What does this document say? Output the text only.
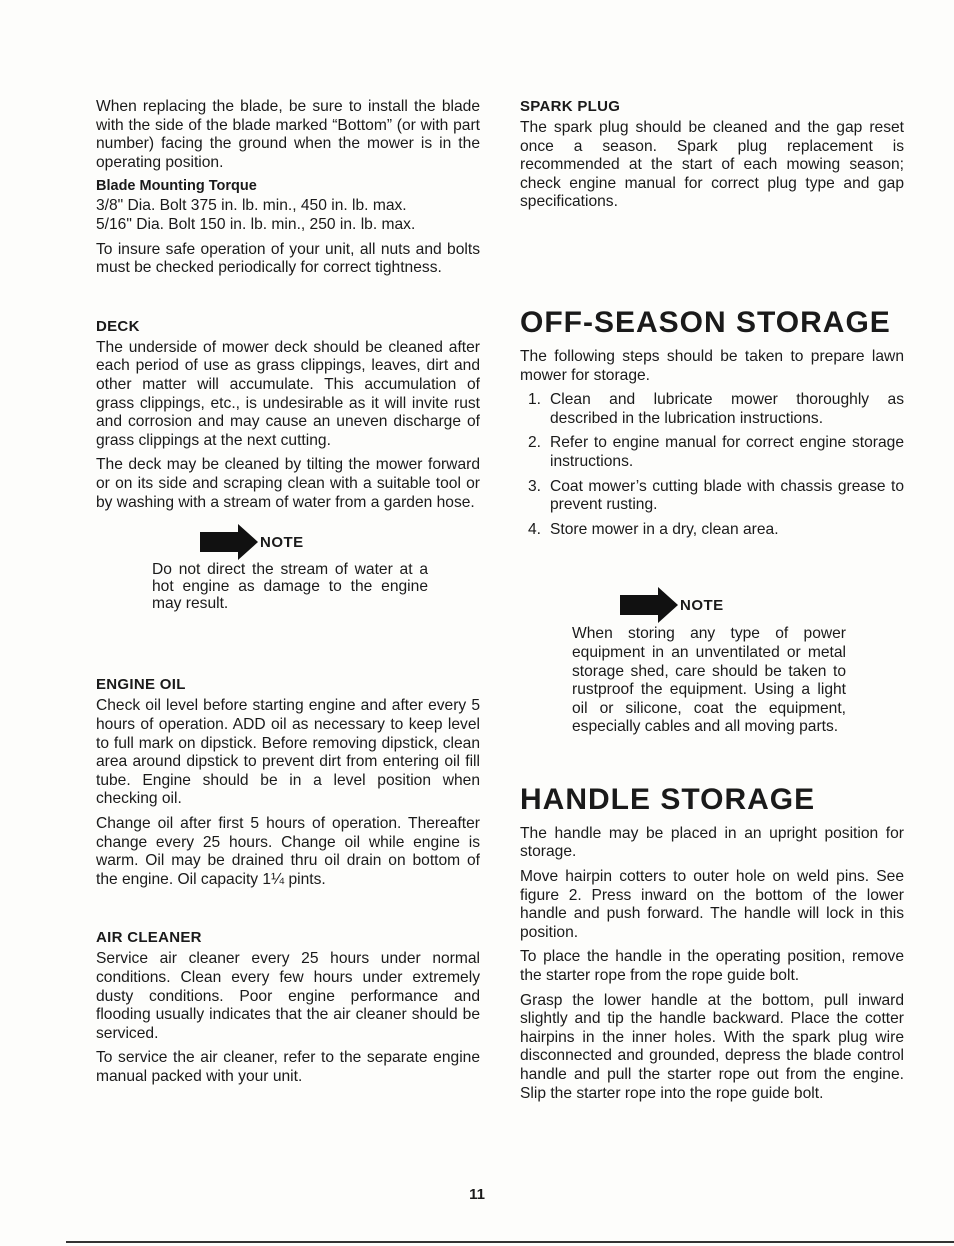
When replacing the blade, be sure to install the blade with the side of the blade marked “Bottom” (or with part number) facing the ground when the mower is in the operating position.

Blade Mounting Torque

3/8" Dia. Bolt 375 in. lb. min., 450 in. lb. max.

5/16" Dia. Bolt 150 in. lb. min., 250 in. lb. max.

To insure safe operation of your unit, all nuts and bolts must be checked periodically for correct tightness.

DECK

The underside of mower deck should be cleaned after each period of use as grass clippings, leaves, dirt and other matter will accumulate. This accumulation of grass clippings, etc., is undesirable as it will invite rust and corrosion and may cause an uneven discharge of grass clippings at the next cutting.

The deck may be cleaned by tilting the mower forward or on its side and scraping clean with a suitable tool or by washing with a stream of water from a garden hose.

NOTE

Do not direct the stream of water at a hot engine as damage to the engine may result.

ENGINE OIL

Check oil level before starting engine and after every 5 hours of operation. ADD oil as necessary to keep level to full mark on dipstick. Before removing dipstick, clean area around dipstick to prevent dirt from entering oil fill tube. Engine should be in a level position when checking oil.

Change oil after first 5 hours of operation. Thereafter change every 25 hours. Change oil while engine is warm. Oil may be drained thru oil drain on bottom of the engine. Oil capacity 1¼ pints.

AIR CLEANER

Service air cleaner every 25 hours under normal conditions. Clean every few hours under extremely dusty conditions. Poor engine performance and flooding usually indicates that the air cleaner should be serviced.

To service the air cleaner, refer to the separate engine manual packed with your unit.

SPARK PLUG

The spark plug should be cleaned and the gap reset once a season. Spark plug replacement is recommended at the start of each mowing season; check engine manual for correct plug type and gap specifications.

OFF-SEASON STORAGE

The following steps should be taken to prepare lawn mower for storage.

1. Clean and lubricate mower thoroughly as described in the lubrication instructions.
2. Refer to engine manual for correct engine storage instructions.
3. Coat mower’s cutting blade with chassis grease to prevent rusting.
4. Store mower in a dry, clean area.
NOTE

When storing any type of power equipment in an unventilated or metal storage shed, care should be taken to rustproof the equipment. Using a light oil or silicone, coat the equipment, especially cables and all moving parts.

HANDLE STORAGE

The handle may be placed in an upright position for storage.

Move hairpin cotters to outer hole on weld pins. See figure 2. Press inward on the bottom of the lower handle and push forward. The handle will lock in this position.

To place the handle in the operating position, remove the starter rope from the rope guide bolt.

Grasp the lower handle at the bottom, pull inward slightly and tip the handle backward. Place the cotter hairpins in the inner holes. With the spark plug wire disconnected and grounded, depress the blade control handle and pull the starter rope out from the engine. Slip the starter rope into the rope guide bolt.

11
